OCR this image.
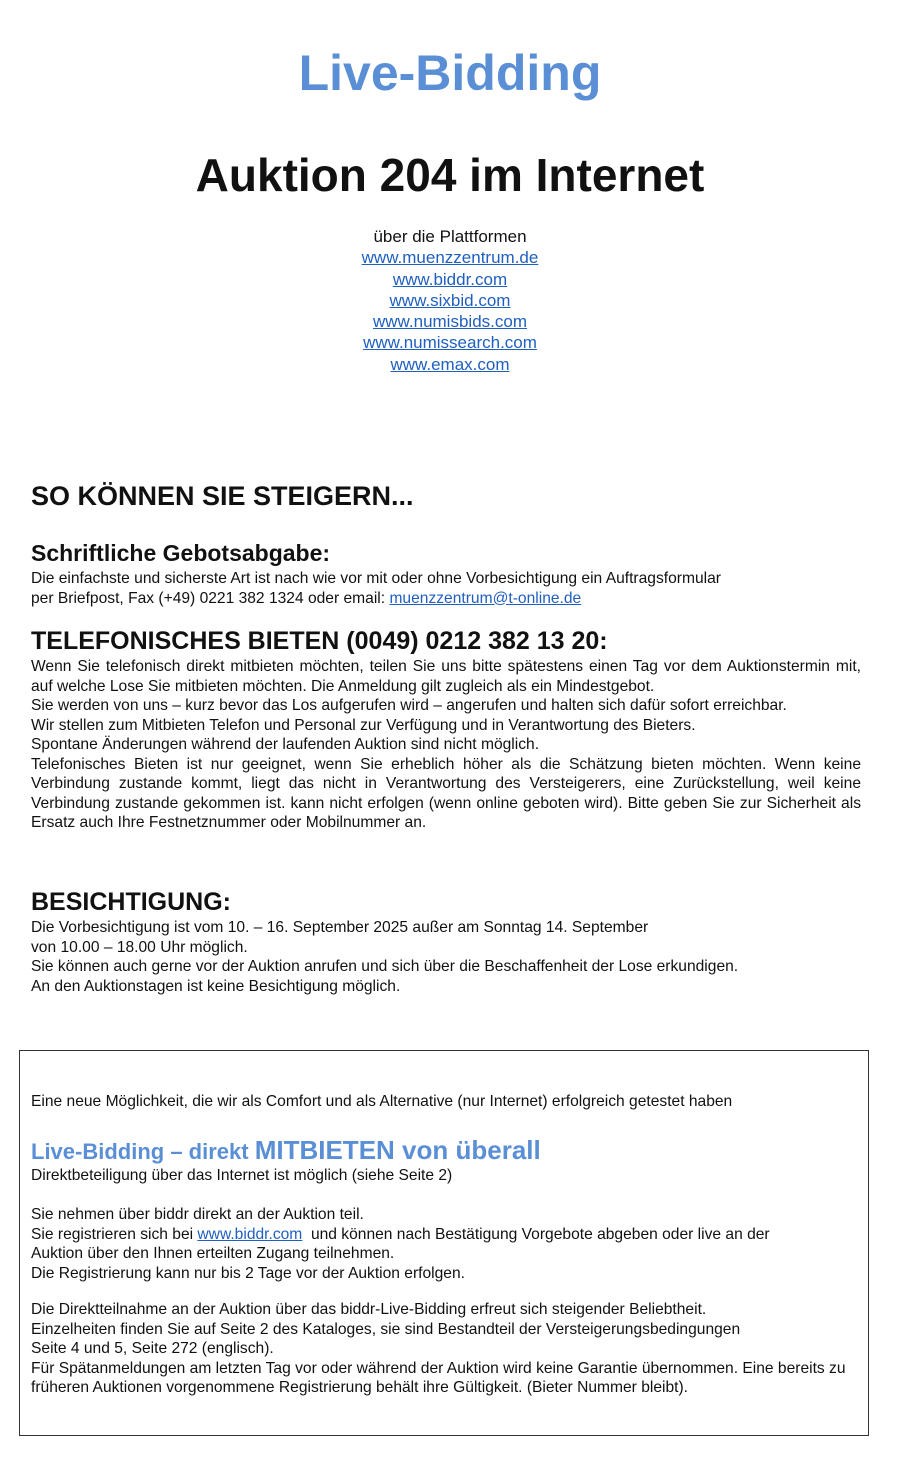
Live-Bidding
Auktion 204 im Internet
über die Plattformen
www.muenzzentrum.de
www.biddr.com
www.sixbid.com
www.numisbids.com
www.numissearch.com
www.emax.com
SO KÖNNEN SIE STEIGERN...
Schriftliche Gebotsabgabe:

Die einfachste und sicherste Art ist nach wie vor mit oder ohne Vorbesichtigung ein Auftragsformular

per Briefpost, Fax (+49) 0221 382 1324 oder email: muenzzentrum@t-online.de

TELEFONISCHES BIETEN (0049) 0212 382 13 20:

Wenn Sie telefonisch direkt mitbieten möchten, teilen Sie uns bitte spätestens einen Tag vor dem Auktionstermin mit, auf welche Lose Sie mitbieten möchten. Die Anmeldung gilt zugleich als ein Mindestgebot.

Sie werden von uns – kurz bevor das Los aufgerufen wird – angerufen und halten sich dafür sofort erreichbar.

Wir stellen zum Mitbieten Telefon und Personal zur Verfügung und in Verantwortung des Bieters.

Spontane Änderungen während der laufenden Auktion sind nicht möglich.

Telefonisches Bieten ist nur geeignet, wenn Sie erheblich höher als die Schätzung bieten möchten. Wenn keine Verbindung zustande kommt, liegt das nicht in Verantwortung des Versteigerers, eine Zurückstellung, weil keine Verbindung zustande gekommen ist. kann nicht erfolgen (wenn online geboten wird). Bitte geben Sie zur Sicherheit als Ersatz auch Ihre Festnetznummer oder Mobilnummer an.

BESICHTIGUNG:

Die Vorbesichtigung ist vom 10. – 16. September 2025 außer am Sonntag 14. September

von 10.00 – 18.00 Uhr möglich.

Sie können auch gerne vor der Auktion anrufen und sich über die Beschaffenheit der Lose erkundigen.

An den Auktionstagen ist keine Besichtigung möglich.

Eine neue Möglichkeit, die wir als Comfort und als Alternative (nur Internet) erfolgreich getestet haben
Live-Bidding – direkt MITBIETEN von überall
Direktbeteiligung über das Internet ist möglich (siehe Seite 2)

Sie nehmen über biddr direkt an der Auktion teil.

Sie registrieren sich bei www.biddr.com  und können nach Bestätigung Vorgebote abgeben oder live an der

Auktion über den Ihnen erteilten Zugang teilnehmen.

Die Registrierung kann nur bis 2 Tage vor der Auktion erfolgen.

Die Direktteilnahme an der Auktion über das biddr-Live-Bidding erfreut sich steigender Beliebtheit.

Einzelheiten finden Sie auf Seite 2 des Kataloges, sie sind Bestandteil der Versteigerungsbedingungen

Seite 4 und 5, Seite 272 (englisch).

Für Spätanmeldungen am letzten Tag vor oder während der Auktion wird keine Garantie übernommen. Eine bereits zu früheren Auktionen vorgenommene Registrierung behält ihre Gültigkeit. (Bieter Nummer bleibt).
